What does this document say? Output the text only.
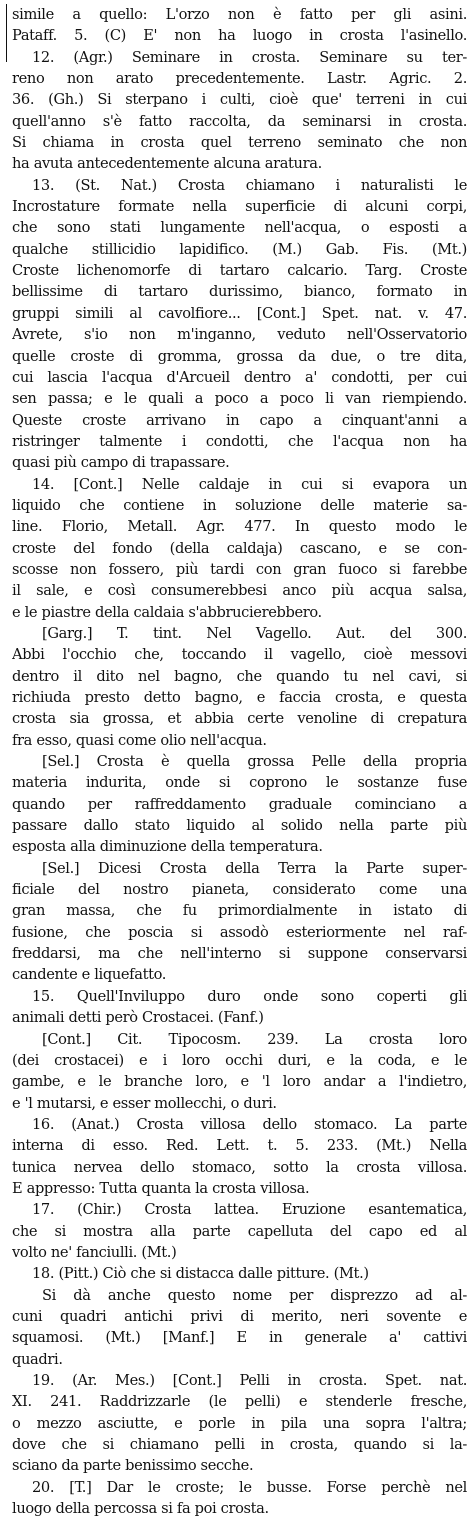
simile a quello: L'orzo non è fatto per gli asini.
Pataff. 5. (C) E' non ha luogo in crosta l'asinello.
12. (Agr.) Seminare in crosta. Seminare su ter-
reno non arato precedentemente. Lastr. Agric. 2.
36. (Gh.) Si sterpano i culti, cioè que' terreni in cui
quell'anno s'è fatto raccolta, da seminarsi in crosta.
Si chiama in crosta quel terreno seminato che non
ha avuta antecedentemente alcuna aratura.
13. (St. Nat.) Crosta chiamano i naturalisti le
Incrostature formate nella superficie di alcuni corpi,
che sono stati lungamente nell'acqua, o esposti a
qualche stillicidio lapidifico. (M.) Gab. Fis. (Mt.)
Croste lichenomorfe di tartaro calcario. Targ. Croste
bellissime di tartaro durissimo, bianco, formato in
gruppi simili al cavolfiore... [Cont.] Spet. nat. v. 47.
Avrete, s'io non m'inganno, veduto nell'Osservatorio
quelle croste di gromma, grossa da due, o tre dita,
cui lascia l'acqua d'Arcueil dentro a' condotti, per cui
sen passa; e le quali a poco a poco li van riempiendo.
Queste croste arrivano in capo a cinquant'anni a
ristringer talmente i condotti, che l'acqua non ha
quasi più campo di trapassare.
14. [Cont.] Nelle caldaje in cui si evapora un
liquido che contiene in soluzione delle materie sa-
line. Florio, Metall. Agr. 477. In questo modo le
croste del fondo (della caldaja) cascano, e se con-
scosse non fossero, più tardi con gran fuoco si farebbe
il sale, e così consumerebbesi anco più acqua salsa,
e le piastre della caldaia s'abbrucierebbero.
[Garg.] T. tint. Nel Vagello. Aut. del 300.
Abbi l'occhio che, toccando il vagello, cioè messovi
dentro il dito nel bagno, che quando tu nel cavi, si
richiuda presto detto bagno, e faccia crosta, e questa
crosta sia grossa, et abbia certe venoline di crepatura
fra esso, quasi come olio nell'acqua.
[Sel.] Crosta è quella grossa Pelle della propria
materia indurita, onde si coprono le sostanze fuse
quando per raffreddamento graduale cominciano a
passare dallo stato liquido al solido nella parte più
esposta alla diminuzione della temperatura.
[Sel.] Dicesi Crosta della Terra la Parte super-
ficiale del nostro pianeta, considerato come una
gran massa, che fu primordialmente in istato di
fusione, che poscia si assodò esteriormente nel raf-
freddarsi, ma che nell'interno si suppone conservarsi
candente e liquefatto.
15. Quell'Inviluppo duro onde sono coperti gli
animali detti però Crostacei. (Fanf.)
[Cont.] Cit. Tipocosm. 239. La crosta loro
(dei crostacei) e i loro occhi duri, e la coda, e le
gambe, e le branche loro, e 'l loro andar a l'indietro,
e 'l mutarsi, e esser mollecchi, o duri.
16. (Anat.) Crosta villosa dello stomaco. La parte
interna di esso. Red. Lett. t. 5. 233. (Mt.) Nella
tunica nervea dello stomaco, sotto la crosta villosa.
E appresso: Tutta quanta la crosta villosa.
17. (Chir.) Crosta lattea. Eruzione esantematica,
che si mostra alla parte capelluta del capo ed al
volto ne' fanciulli. (Mt.)
18. (Pitt.) Ciò che si distacca dalle pitture. (Mt.)
Si dà anche questo nome per disprezzo ad al-
cuni quadri antichi privi di merito, neri sovente e
squamosi. (Mt.) [Manf.] E in generale a' cattivi
quadri.
19. (Ar. Mes.) [Cont.] Pelli in crosta. Spet. nat.
XI. 241. Raddrizzarle (le pelli) e stenderle fresche,
o mezzo asciutte, e porle in pila una sopra l'altra;
dove che si chiamano pelli in crosta, quando si la-
sciano da parte benissimo secche.
20. [T.] Dar le croste; le busse. Forse perchè nel
luogo della percossa si fa poi crosta.
